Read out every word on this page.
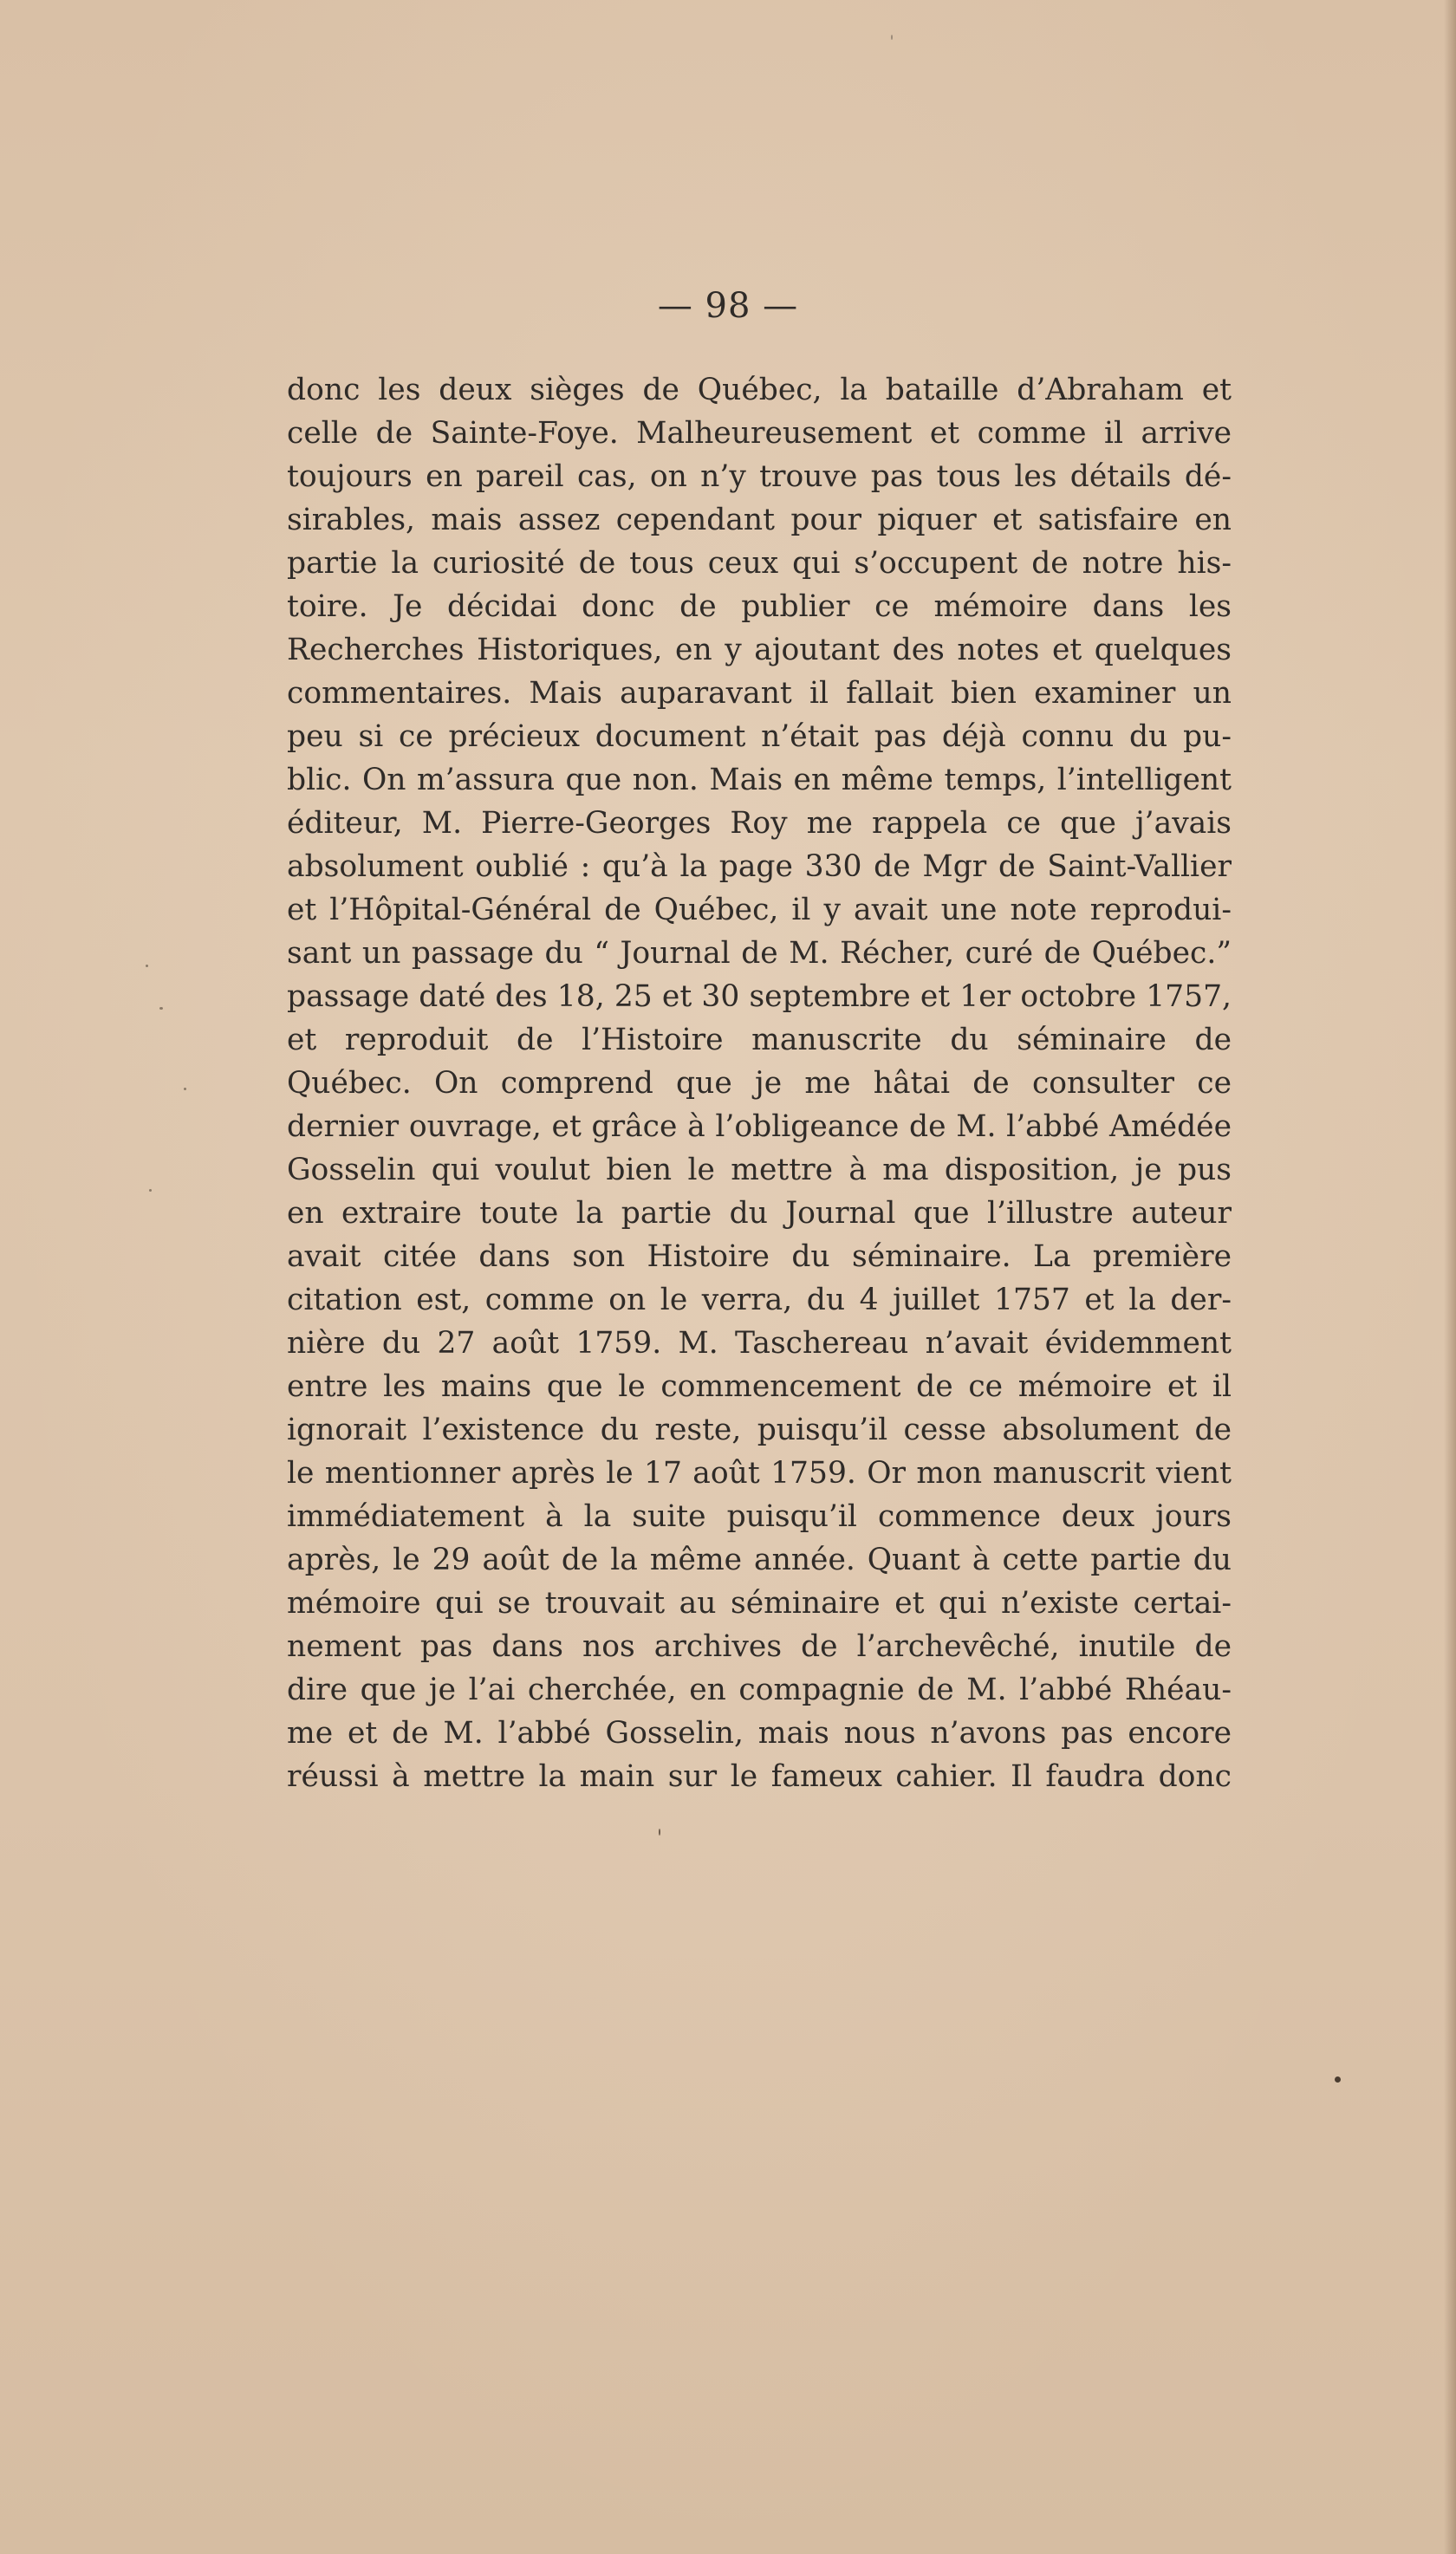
— 98 —
donc les deux sièges de Québec, la bataille d’Abraham et
celle de Sainte-Foye. Malheureusement et comme il arrive
toujours en pareil cas, on n’y trouve pas tous les détails dé-
sirables, mais assez cependant pour piquer et satisfaire en
partie la curiosité de tous ceux qui s’occupent de notre his-
toire. Je décidai donc de publier ce mémoire dans les
Recherches Historiques, en y ajoutant des notes et quelques
commentaires. Mais auparavant il fallait bien examiner un
peu si ce précieux document n’était pas déjà connu du pu-
blic. On m’assura que non. Mais en même temps, l’intelligent
éditeur, M. Pierre-Georges Roy me rappela ce que j’avais
absolument oublié : qu’à la page 330 de Mgr de Saint-Vallier
et l’Hôpital-Général de Québec, il y avait une note reprodui-
sant un passage du “ Journal de M. Récher, curé de Québec.”
passage daté des 18, 25 et 30 septembre et 1er octobre 1757,
et reproduit de l’Histoire manuscrite du séminaire de
Québec. On comprend que je me hâtai de consulter ce
dernier ouvrage, et grâce à l’obligeance de M. l’abbé Amédée
Gosselin qui voulut bien le mettre à ma disposition, je pus
en extraire toute la partie du Journal que l’illustre auteur
avait citée dans son Histoire du séminaire. La première
citation est, comme on le verra, du 4 juillet 1757 et la der-
nière du 27 août 1759. M. Taschereau n’avait évidemment
entre les mains que le commencement de ce mémoire et il
ignorait l’existence du reste, puisqu’il cesse absolument de
le mentionner après le 17 août 1759. Or mon manuscrit vient
immédiatement à la suite puisqu’il commence deux jours
après, le 29 août de la même année. Quant à cette partie du
mémoire qui se trouvait au séminaire et qui n’existe certai-
nement pas dans nos archives de l’archevêché, inutile de
dire que je l’ai cherchée, en compagnie de M. l’abbé Rhéau-
me et de M. l’abbé Gosselin, mais nous n’avons pas encore
réussi à mettre la main sur le fameux cahier. Il faudra donc
